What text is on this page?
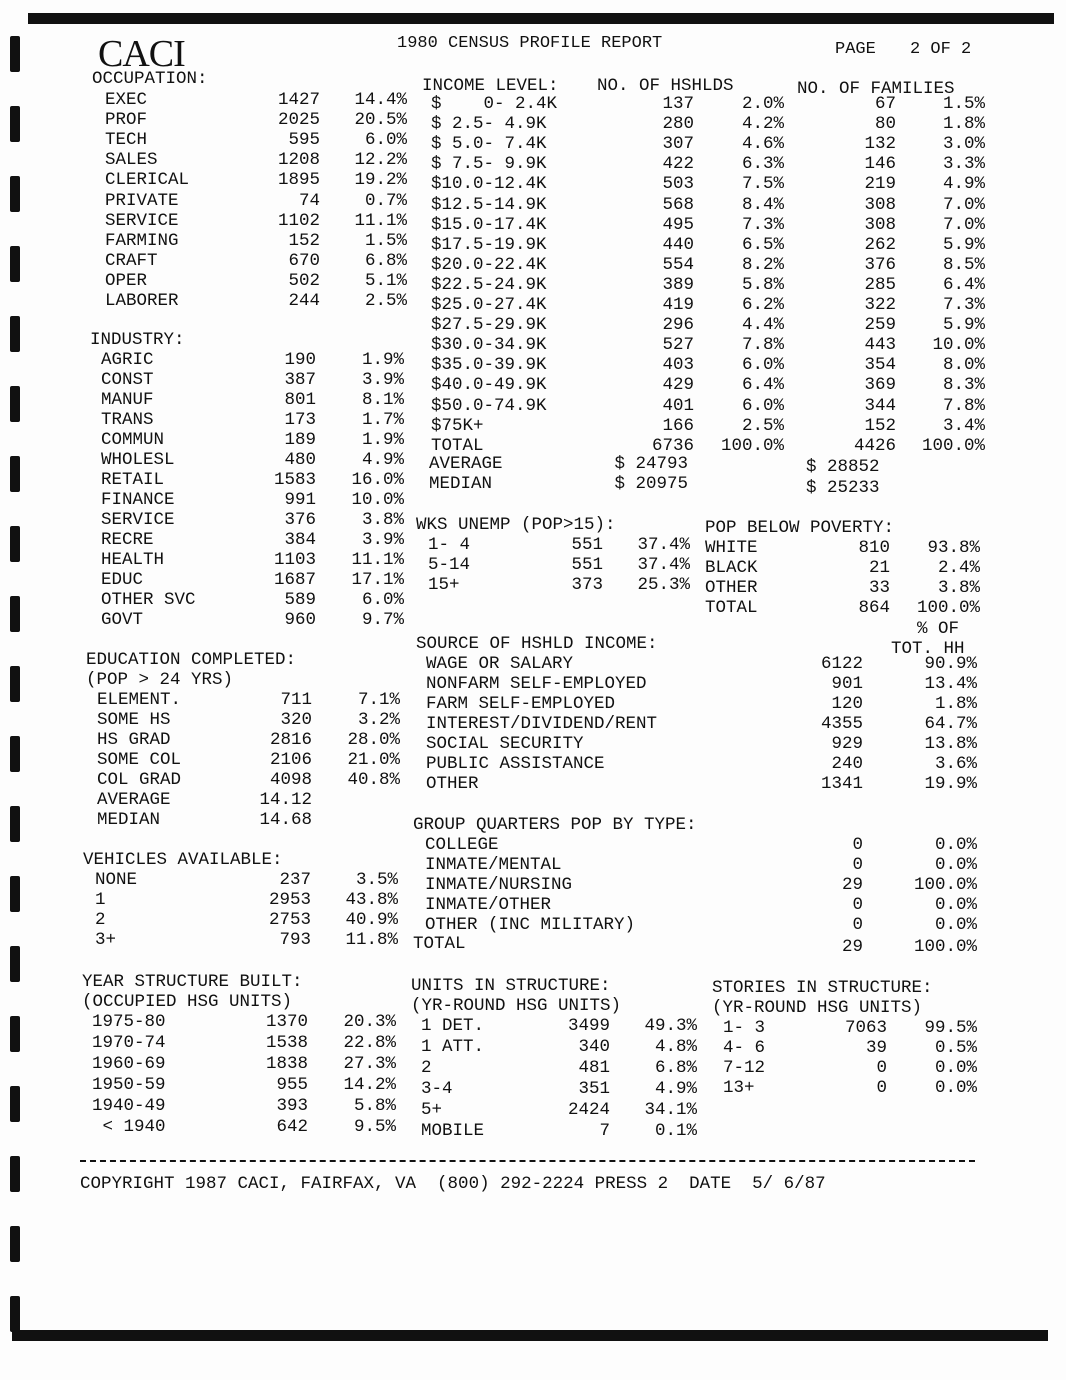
CACI	1980 CENSUS PROFILE REPORT	PAGE 2 OF 2
OCCUPATION:
EXEC	1427	14.4%
PROF	2025	20.5%
TECH	595	6.0%
SALES	1208	12.2%
CLERICAL	1895	19.2%
PRIVATE	74	0.7%
SERVICE	1102	11.1%
FARMING	152	1.5%
CRAFT	670	6.8%
OPER	502	5.1%
LABORER	244	2.5%
INDUSTRY:
AGRIC	190	1.9%
CONST	387	3.9%
MANUF	801	8.1%
TRANS	173	1.7%
COMMUN	189	1.9%
WHOLESL	480	4.9%
RETAIL	1583	16.0%
FINANCE	991	10.0%
SERVICE	376	3.8%
RECRE	384	3.9%
HEALTH	1103	11.1%
EDUC	1687	17.1%
OTHER SVC	589	6.0%
GOVT	960	9.7%
EDUCATION COMPLETED:
(POP > 24 YRS)
ELEMENT.	711	7.1%
SOME HS	320	3.2%
HS GRAD	2816	28.0%
SOME COL	2106	21.0%
COL GRAD	4098	40.8%
AVERAGE	14.12
MEDIAN	14.68
VEHICLES AVAILABLE:
NONE	237	3.5%
1	2953	43.8%
2	2753	40.9%
3+	793	11.8%
INCOME LEVEL: NO. OF HSHLDS	NO. OF FAMILIES
$    0- 2.4K	137	2.0%	67	1.5%
$ 2.5- 4.9K	280	4.2%	80	1.8%
$ 5.0- 7.4K	307	4.6%	132	3.0%
$ 7.5- 9.9K	422	6.3%	146	3.3%
$10.0-12.4K	503	7.5%	219	4.9%
$12.5-14.9K	568	8.4%	308	7.0%
$15.0-17.4K	495	7.3%	308	7.0%
$17.5-19.9K	440	6.5%	262	5.9%
$20.0-22.4K	554	8.2%	376	8.5%
$22.5-24.9K	389	5.8%	285	6.4%
$25.0-27.4K	419	6.2%	322	7.3%
$27.5-29.9K	296	4.4%	259	5.9%
$30.0-34.9K	527	7.8%	443	10.0%
$35.0-39.9K	403	6.0%	354	8.0%
$40.0-49.9K	429	6.4%	369	8.3%
$50.0-74.9K	401	6.0%	344	7.8%
$75K+	166	2.5%	152	3.4%
TOTAL	6736	100.0%	4426	100.0%
AVERAGE	$ 24793	$ 28852
MEDIAN	$ 20975	$ 25233
WKS UNEMP (POP>15):
1- 4	551	37.4%
5-14	551	37.4%
15+	373	25.3%
POP BELOW POVERTY:
WHITE	810	93.8%
BLACK	21	2.4%
OTHER	33	3.8%
TOTAL	864	100.0%
SOURCE OF HSHLD INCOME:
% OF
TOT. HH
WAGE OR SALARY	6122	90.9%
NONFARM SELF-EMPLOYED	901	13.4%
FARM SELF-EMPLOYED	120	1.8%
INTEREST/DIVIDEND/RENT	4355	64.7%
SOCIAL SECURITY	929	13.8%
PUBLIC ASSISTANCE	240	3.6%
OTHER	1341	19.9%
GROUP QUARTERS POP BY TYPE:
COLLEGE	0	0.0%
INMATE/MENTAL	0	0.0%
INMATE/NURSING	29	100.0%
INMATE/OTHER	0	0.0%
OTHER (INC MILITARY)	0	0.0%
TOTAL	29	100.0%
YEAR STRUCTURE BUILT:
(OCCUPIED HSG UNITS)
1975-80	1370	20.3%
1970-74	1538	22.8%
1960-69	1838	27.3%
1950-59	955	14.2%
1940-49	393	5.8%
< 1940	642	9.5%
UNITS IN STRUCTURE:
(YR-ROUND HSG UNITS)
1 DET.	3499	49.3%
1 ATT.	340	4.8%
2	481	6.8%
3-4	351	4.9%
5+	2424	34.1%
MOBILE	7	0.1%
STORIES IN STRUCTURE:
(YR-ROUND HSG UNITS)
1- 3	7063	99.5%
4- 6	39	0.5%
7-12	0	0.0%
13+	0	0.0%
COPYRIGHT 1987 CACI, FAIRFAX, VA  (800) 292-2224 PRESS 2  DATE  5/ 6/87
